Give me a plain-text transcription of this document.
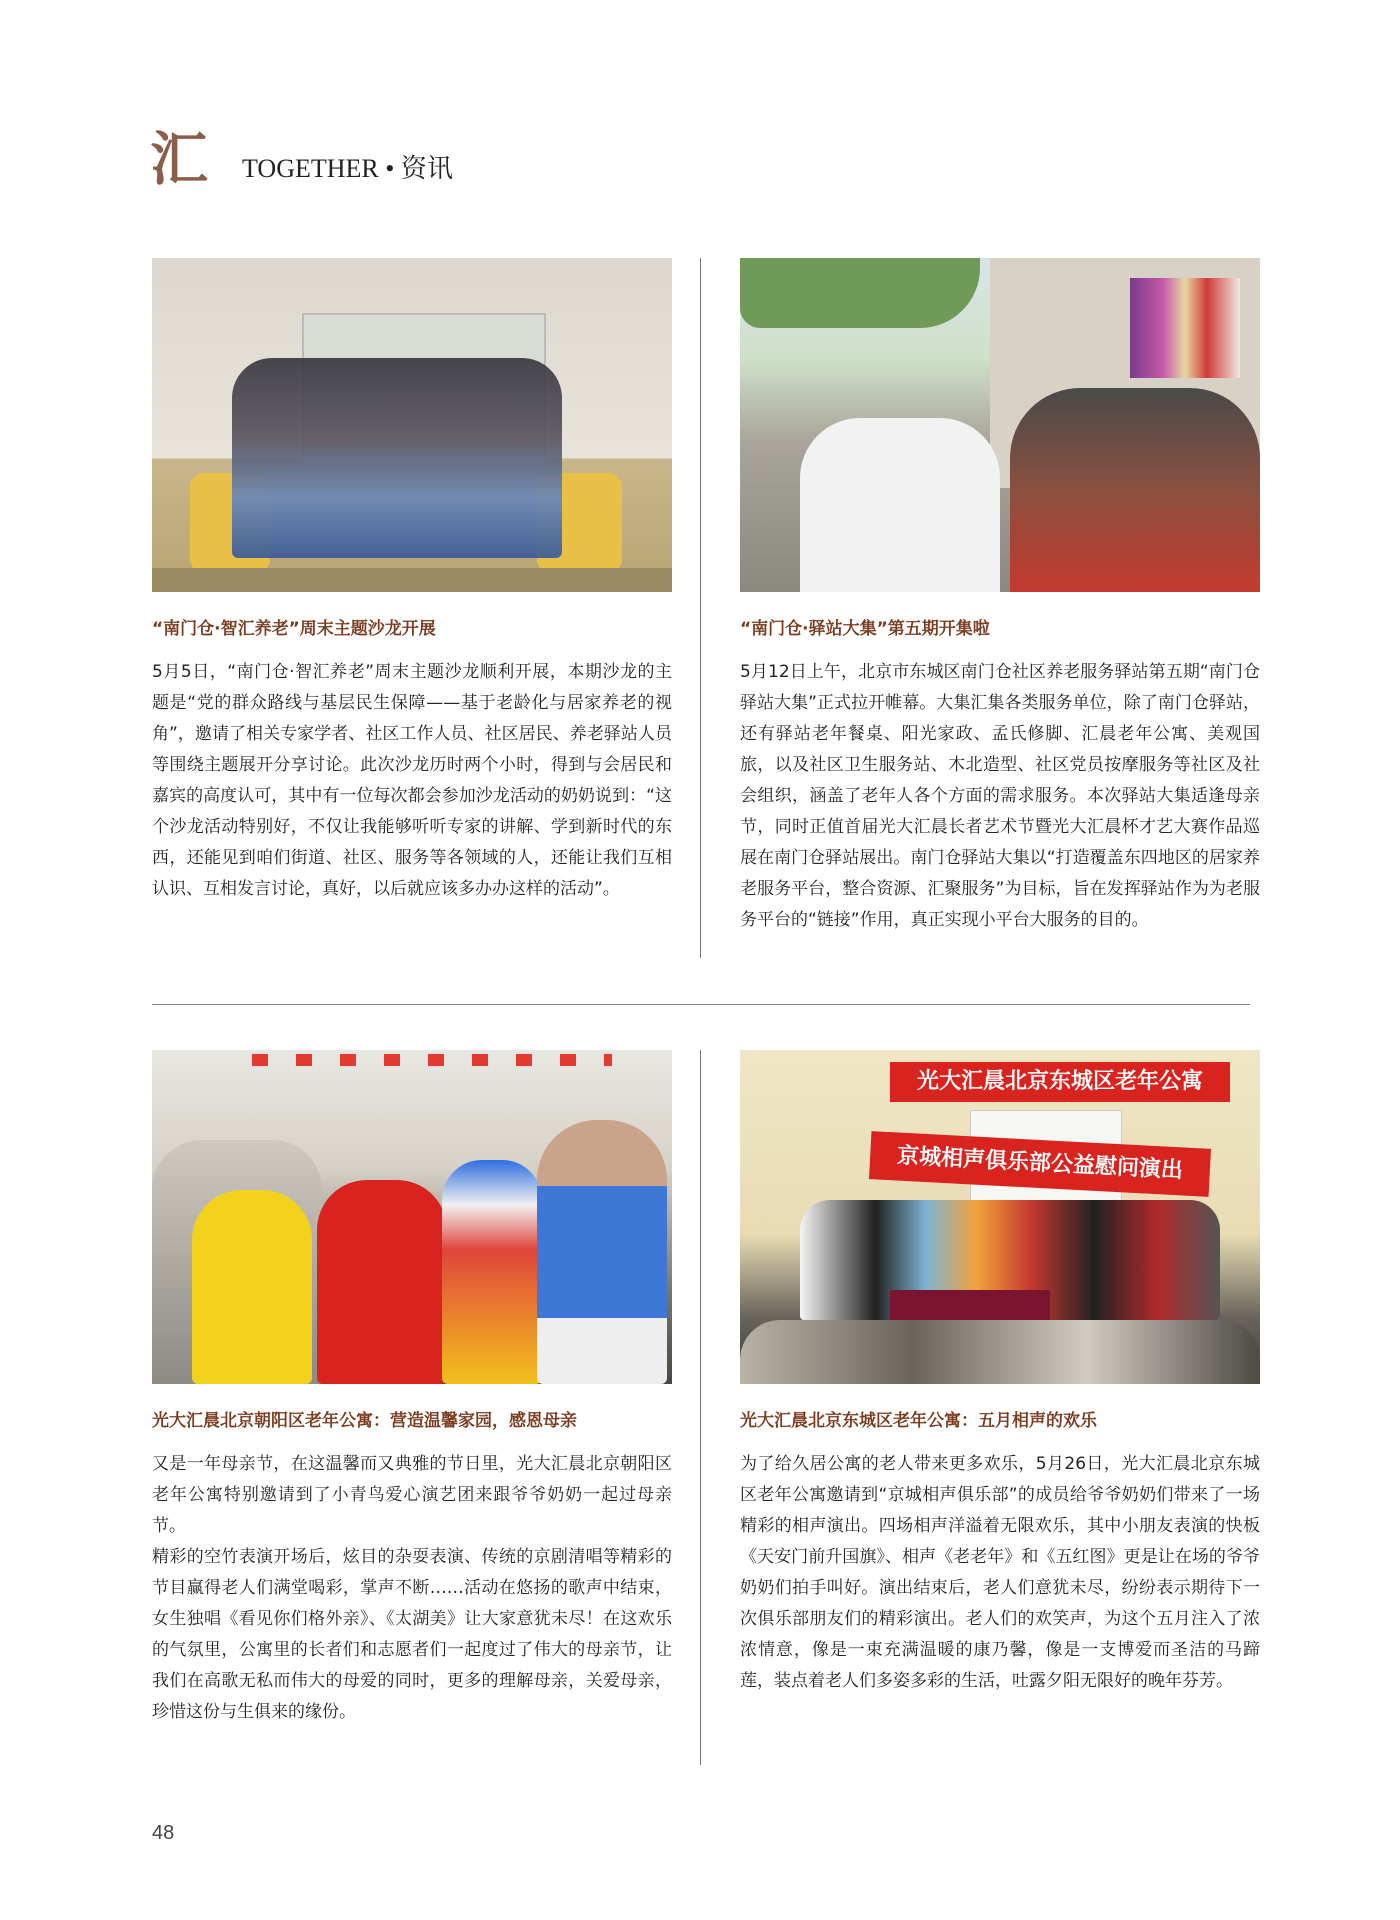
汇 TOGETHER • 资讯
“南门仓·智汇养老”周末主题沙龙开展
5月5日，“南门仓·智汇养老”周末主题沙龙顺利开展，本期沙龙的主题是“党的群众路线与基层民生保障——基于老龄化与居家养老的视角”，邀请了相关专家学者、社区工作人员、社区居民、养老驿站人员等围绕主题展开分享讨论。此次沙龙历时两个小时，得到与会居民和嘉宾的高度认可，其中有一位每次都会参加沙龙活动的奶奶说到：“这个沙龙活动特别好，不仅让我能够听听专家的讲解、学到新时代的东西，还能见到咱们街道、社区、服务等各领域的人，还能让我们互相认识、互相发言讨论，真好，以后就应该多办办这样的活动”。
“南门仓·驿站大集”第五期开集啦
5月12日上午，北京市东城区南门仓社区养老服务驿站第五期“南门仓驿站大集”正式拉开帷幕。大集汇集各类服务单位，除了南门仓驿站，还有驿站老年餐桌、阳光家政、孟氏修脚、汇晨老年公寓、美观国旅，以及社区卫生服务站、木北造型、社区党员按摩服务等社区及社会组织，涵盖了老年人各个方面的需求服务。本次驿站大集适逢母亲节，同时正值首届光大汇晨长者艺术节暨光大汇晨杯才艺大赛作品巡展在南门仓驿站展出。南门仓驿站大集以“打造覆盖东四地区的居家养老服务平台，整合资源、汇聚服务”为目标，旨在发挥驿站作为为老服务平台的“链接”作用，真正实现小平台大服务的目的。
光大汇晨北京朝阳区老年公寓：营造温馨家园，感恩母亲
又是一年母亲节，在这温馨而又典雅的节日里，光大汇晨北京朝阳区老年公寓特别邀请到了小青鸟爱心演艺团来跟爷爷奶奶一起过母亲节。
精彩的空竹表演开场后，炫目的杂耍表演、传统的京剧清唱等精彩的节目赢得老人们满堂喝彩，掌声不断……活动在悠扬的歌声中结束，女生独唱《看见你们格外亲》、《太湖美》让大家意犹未尽！在这欢乐的气氛里，公寓里的长者们和志愿者们一起度过了伟大的母亲节，让我们在高歌无私而伟大的母爱的同时，更多的理解母亲，关爱母亲，珍惜这份与生俱来的缘份。
光大汇晨北京东城区老年公寓
京城相声俱乐部公益慰问演出
光大汇晨北京东城区老年公寓：五月相声的欢乐
为了给久居公寓的老人带来更多欢乐，5月26日，光大汇晨北京东城区老年公寓邀请到“京城相声俱乐部”的成员给爷爷奶奶们带来了一场精彩的相声演出。四场相声洋溢着无限欢乐，其中小朋友表演的快板《天安门前升国旗》、相声《老老年》和《五红图》更是让在场的爷爷奶奶们拍手叫好。演出结束后，老人们意犹未尽，纷纷表示期待下一次俱乐部朋友们的精彩演出。老人们的欢笑声，为这个五月注入了浓浓情意，像是一束充满温暖的康乃馨，像是一支博爱而圣洁的马蹄莲，装点着老人们多姿多彩的生活，吐露夕阳无限好的晚年芬芳。
48
